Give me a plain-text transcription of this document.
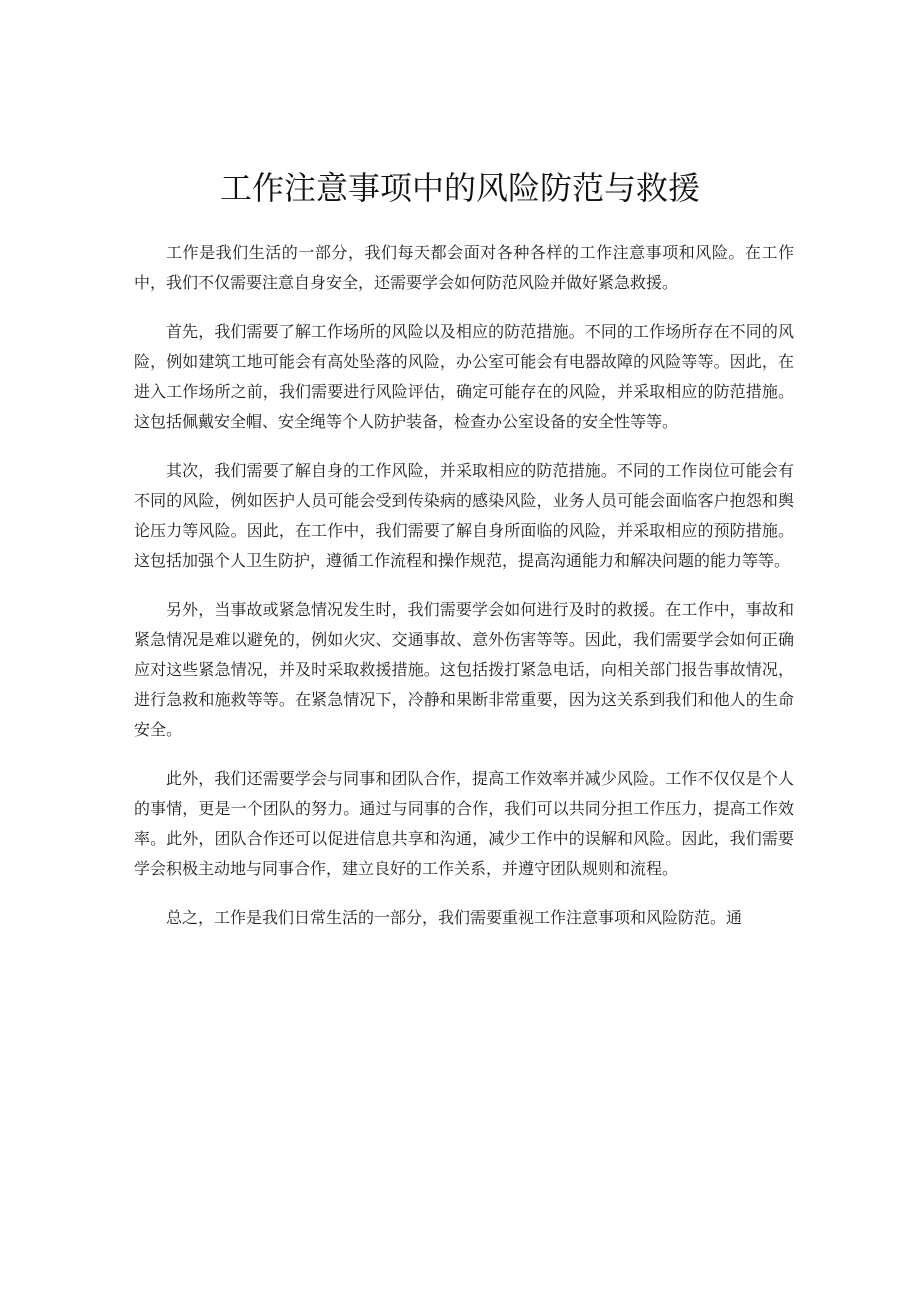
工作注意事项中的风险防范与救援

工作是我们生活的一部分，我们每天都会面对各种各样的工作注意事项和风险。在工作中，我们不仅需要注意自身安全，还需要学会如何防范风险并做好紧急救援。

首先，我们需要了解工作场所的风险以及相应的防范措施。不同的工作场所存在不同的风险，例如建筑工地可能会有高处坠落的风险，办公室可能会有电器故障的风险等等。因此，在进入工作场所之前，我们需要进行风险评估，确定可能存在的风险，并采取相应的防范措施。这包括佩戴安全帽、安全绳等个人防护装备，检查办公室设备的安全性等等。

其次，我们需要了解自身的工作风险，并采取相应的防范措施。不同的工作岗位可能会有不同的风险，例如医护人员可能会受到传染病的感染风险，业务人员可能会面临客户抱怨和舆论压力等风险。因此，在工作中，我们需要了解自身所面临的风险，并采取相应的预防措施。这包括加强个人卫生防护，遵循工作流程和操作规范，提高沟通能力和解决问题的能力等等。

另外，当事故或紧急情况发生时，我们需要学会如何进行及时的救援。在工作中，事故和紧急情况是难以避免的，例如火灾、交通事故、意外伤害等等。因此，我们需要学会如何正确应对这些紧急情况，并及时采取救援措施。这包括拨打紧急电话，向相关部门报告事故情况，进行急救和施救等等。在紧急情况下，冷静和果断非常重要，因为这关系到我们和他人的生命安全。

此外，我们还需要学会与同事和团队合作，提高工作效率并减少风险。工作不仅仅是个人的事情，更是一个团队的努力。通过与同事的合作，我们可以共同分担工作压力，提高工作效率。此外，团队合作还可以促进信息共享和沟通，减少工作中的误解和风险。因此，我们需要学会积极主动地与同事合作，建立良好的工作关系，并遵守团队规则和流程。

总之，工作是我们日常生活的一部分，我们需要重视工作注意事项和风险防范。通
